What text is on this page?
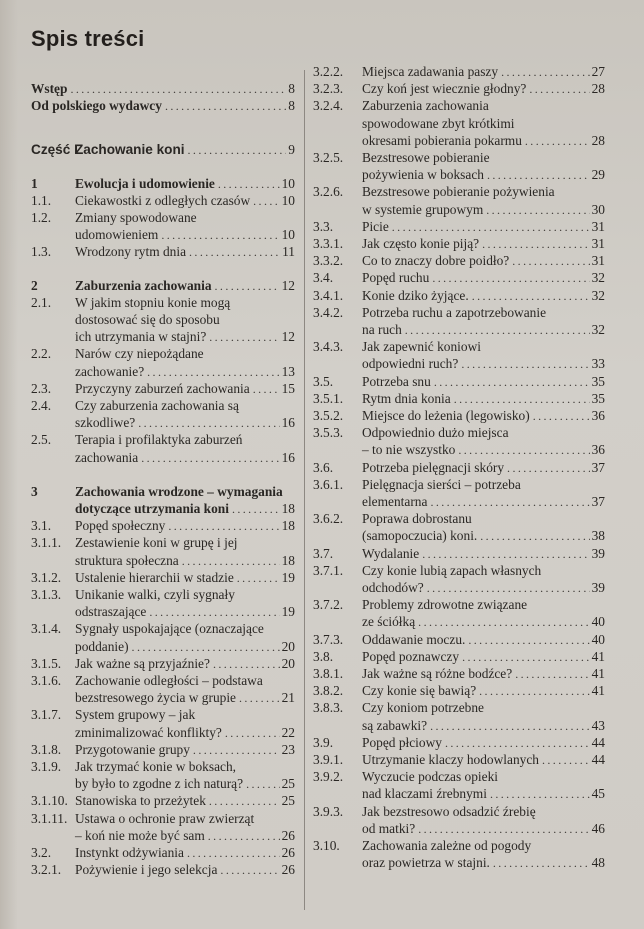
Spis treści
Wstęp . . .	8
Od polskiego wydawcy . . .	8
Część I
Zachowanie koni . . .	9
1	Ewolucja i udomowienie . . .	10
1.1. Ciekawostki z odległych czasów . . . 10
1.2. Zmiany spowodowane
udomowieniem . . .	10
1.3. Wrodzony rytm dnia . . .	11
2	Zaburzenia zachowania . . .	12
2.1. W jakim stopniu konie mogą
dostosować się do sposobu
ich utrzymania w stajni? . . .	12
2.2. Narów czy niepożądane
zachowanie? . . .	13
2.3. Przyczyny zaburzeń zachowania . . . 15
2.4. Czy zaburzenia zachowania są
szkodliwe? . . .	16
2.5. Terapia i profilaktyka zaburzeń
zachowania . . .	16
3	Zachowania wrodzone – wymagania
dotyczące utrzymania koni . . .	18
3.1. Popęd społeczny . . .	18
3.1.1. Zestawienie koni w grupę i jej
struktura społeczna . . .	18
3.1.2. Ustalenie hierarchii w stadzie . . .	19
3.1.3. Unikanie walki, czyli sygnały
odstraszające . . .	19
3.1.4. Sygnały uspokajające (oznaczające
poddanie) . . .	20
3.1.5. Jak ważne są przyjaźnie? . . .	20
3.1.6. Zachowanie odległości – podstawa
bezstresowego życia w grupie . . .	21
3.1.7. System grupowy – jak
zminimalizować konflikty? . . .	22
3.1.8. Przygotowanie grupy . . .	23
3.1.9. Jak trzymać konie w boksach,
by było to zgodne z ich naturą? . . .	25
3.1.10. Stanowiska to przeżytek . . .	25
3.1.11. Ustawa o ochronie praw zwierząt
– koń nie może być sam . . .	26
3.2. Instynkt odżywiania . . .	26
3.2.1. Pożywienie i jego selekcja . . .	26
3.2.2. Miejsca zadawania paszy . . .	27
3.2.3. Czy koń jest wiecznie głodny? . . .	28
3.2.4. Zaburzenia zachowania
spowodowane zbyt krótkimi
okresami pobierania pokarmu . . .	28
3.2.5. Bezstresowe pobieranie
pożywienia w boksach . . .	29
3.2.6. Bezstresowe pobieranie pożywienia
w systemie grupowym . . .	30
3.3. Picie . . .	31
3.3.1. Jak często konie piją? . . .	31
3.3.2. Co to znaczy dobre poidło? . . .	31
3.4. Popęd ruchu . . .	32
3.4.1. Konie dziko żyjące. . . .	32
3.4.2. Potrzeba ruchu a zapotrzebowanie
na ruch . . .	32
3.4.3. Jak zapewnić koniowi
odpowiedni ruch? . . .	33
3.5. Potrzeba snu . . .	35
3.5.1. Rytm dnia konia . . .	35
3.5.2. Miejsce do leżenia (legowisko) . . .	36
3.5.3. Odpowiednio dużo miejsca
– to nie wszystko . . .	36
3.6. Potrzeba pielęgnacji skóry . . .	37
3.6.1. Pielęgnacja sierści – potrzeba
elementarna . . .	37
3.6.2. Poprawa dobrostanu
(samopoczucia) koni. . . .	38
3.7. Wydalanie . . .	39
3.7.1. Czy konie lubią zapach własnych
odchodów? . . .	39
3.7.2. Problemy zdrowotne związane
ze ściółką . . .	40
3.7.3. Oddawanie moczu. . . .	40
3.8. Popęd poznawczy . . .	41
3.8.1. Jak ważne są różne bodźce? . . .	41
3.8.2. Czy konie się bawią? . . .	41
3.8.3. Czy koniom potrzebne
są zabawki? . . .	43
3.9. Popęd płciowy . . .	44
3.9.1. Utrzymanie klaczy hodowlanych . . .	44
3.9.2. Wyczucie podczas opieki
nad klaczami źrebnymi . . .	45
3.9.3. Jak bezstresowo odsadzić źrebię
od matki? . . .	46
3.10. Zachowania zależne od pogody
oraz powietrza w stajni. . . .	48
